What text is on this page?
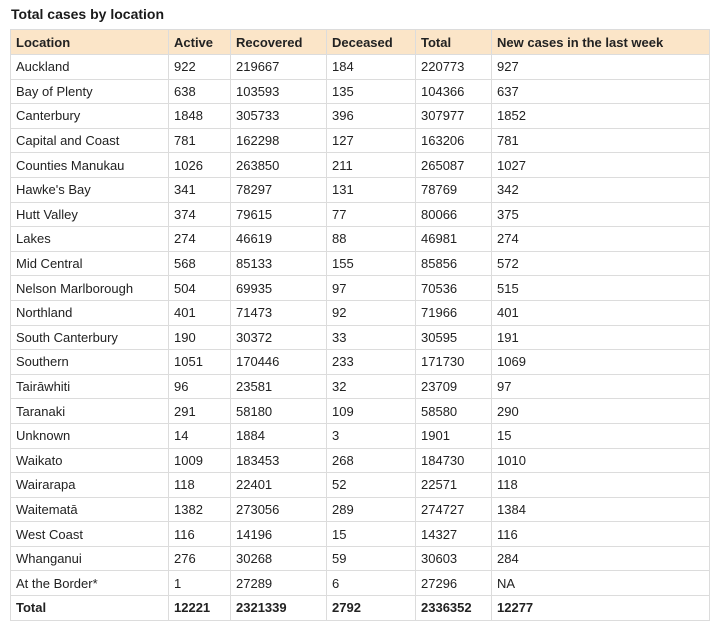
Total cases by location
Location	Active	Recovered	Deceased	Total	New cases in the last week
Auckland	922	219667	184	220773	927
Bay of Plenty	638	103593	135	104366	637
Canterbury	1848	305733	396	307977	1852
Capital and Coast	781	162298	127	163206	781
Counties Manukau	1026	263850	211	265087	1027
Hawke's Bay	341	78297	131	78769	342
Hutt Valley	374	79615	77	80066	375
Lakes	274	46619	88	46981	274
Mid Central	568	85133	155	85856	572
Nelson Marlborough	504	69935	97	70536	515
Northland	401	71473	92	71966	401
South Canterbury	190	30372	33	30595	191
Southern	1051	170446	233	171730	1069
Tairāwhiti	96	23581	32	23709	97
Taranaki	291	58180	109	58580	290
Unknown	14	1884	3	1901	15
Waikato	1009	183453	268	184730	1010
Wairarapa	118	22401	52	22571	118
Waitematā	1382	273056	289	274727	1384
West Coast	116	14196	15	14327	116
Whanganui	276	30268	59	30603	284
At the Border*	1	27289	6	27296	NA
Total	12221	2321339	2792	2336352	12277
